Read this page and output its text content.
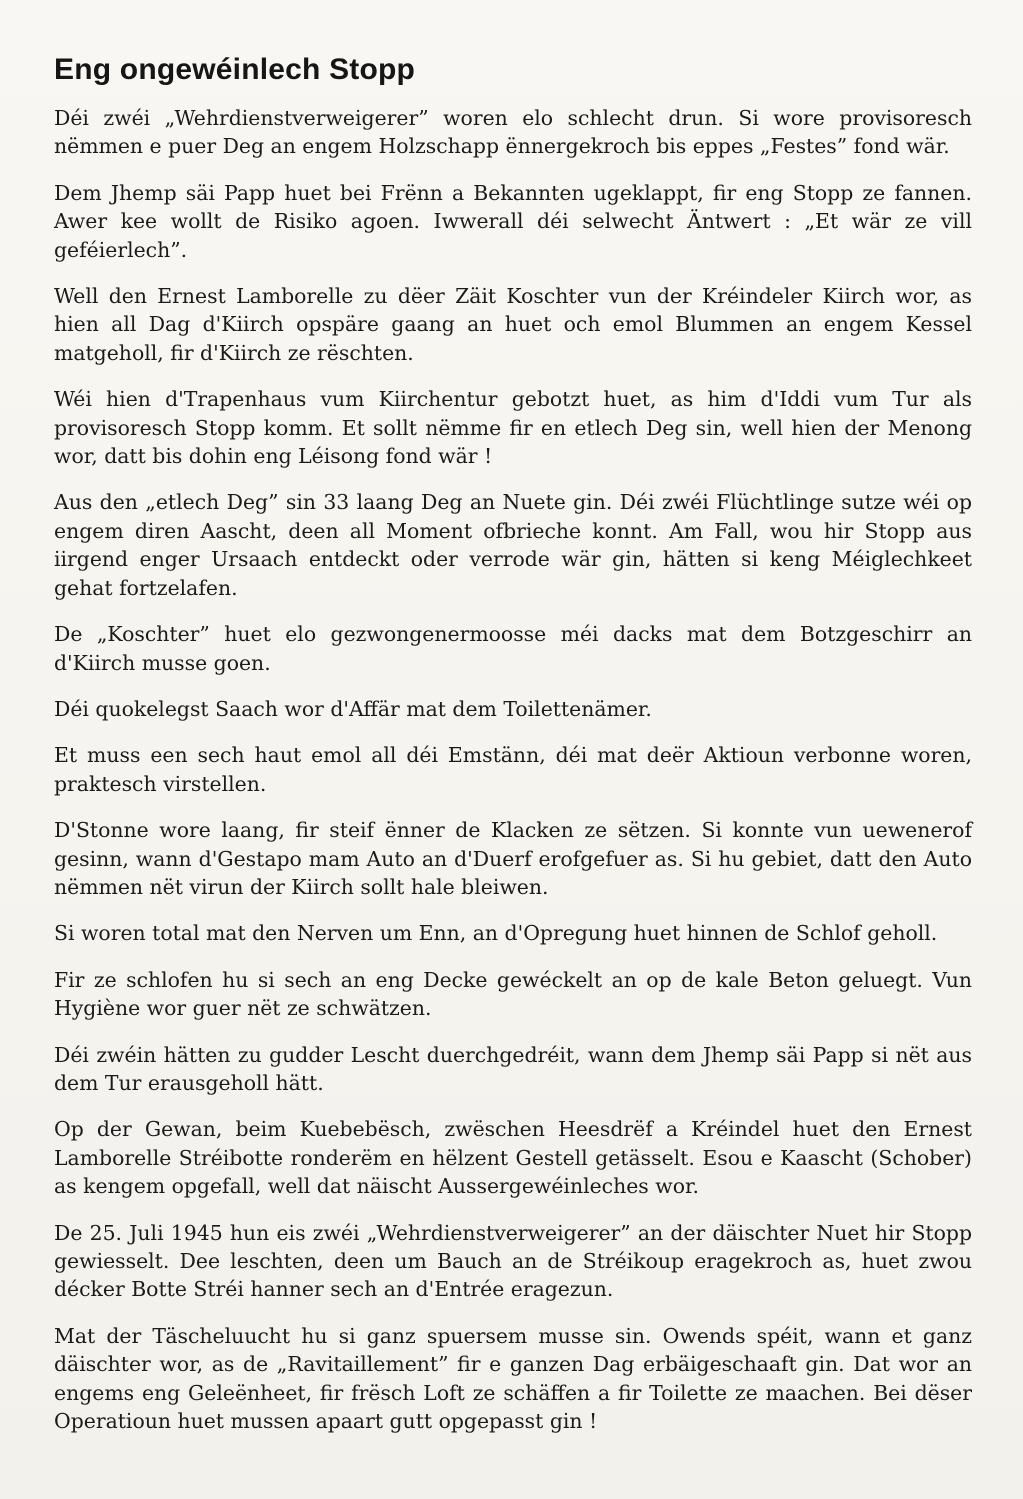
Eng ongewéinlech Stopp

Déi zwéi „Wehrdienstverweigerer” woren elo schlecht drun. Si wore provisoresch nëmmen e puer Deg an engem Holzschapp ënnergekroch bis eppes „Festes” fond wär.

Dem Jhemp säi Papp huet bei Frënn a Bekannten ugeklappt, fir eng Stopp ze fannen. Awer kee wollt de Risiko agoen. Iwwerall déi selwecht Äntwert : „Et wär ze vill geféierlech”.

Well den Ernest Lamborelle zu dëer Zäit Koschter vun der Kréindeler Kiirch wor, as hien all Dag d'Kiirch opspäre gaang an huet och emol Blummen an engem Kessel matgeholl, fir d'Kiirch ze rëschten.

Wéi hien d'Trapenhaus vum Kiirchentur gebotzt huet, as him d'Iddi vum Tur als provisoresch Stopp komm. Et sollt nëmme fir en etlech Deg sin, well hien der Menong wor, datt bis dohin eng Léisong fond wär !

Aus den „etlech Deg” sin 33 laang Deg an Nuete gin. Déi zwéi Flüchtlinge sutze wéi op engem diren Aascht, deen all Moment ofbrieche konnt. Am Fall, wou hir Stopp aus iirgend enger Ursaach entdeckt oder verrode wär gin, hätten si keng Méiglechkeet gehat fortzelafen.

De „Koschter” huet elo gezwongenermoosse méi dacks mat dem Botzgeschirr an d'Kiirch musse goen.

Déi quokelegst Saach wor d'Affär mat dem Toilettenämer.

Et muss een sech haut emol all déi Emstänn, déi mat deër Aktioun verbonne woren, praktesch virstellen.

D'Stonne wore laang, fir steif ënner de Klacken ze sëtzen. Si konnte vun uewenerof gesinn, wann d'Gestapo mam Auto an d'Duerf erofgefuer as. Si hu gebiet, datt den Auto nëmmen nët virun der Kiirch sollt hale bleiwen.

Si woren total mat den Nerven um Enn, an d'Opregung huet hinnen de Schlof geholl.

Fir ze schlofen hu si sech an eng Decke gewéckelt an op de kale Beton geluegt. Vun Hygiène wor guer nët ze schwätzen.

Déi zwéin hätten zu gudder Lescht duerchgedréit, wann dem Jhemp säi Papp si nët aus dem Tur erausgeholl hätt.

Op der Gewan, beim Kuebebësch, zwëschen Heesdrëf a Kréindel huet den Ernest Lamborelle Stréibotte ronderëm en hëlzent Gestell getässelt. Esou e Kaascht (Schober) as kengem opgefall, well dat näischt Aussergewéinleches wor.

De 25. Juli 1945 hun eis zwéi „Wehrdienstverweigerer” an der däischter Nuet hir Stopp gewiesselt. Dee leschten, deen um Bauch an de Stréikoup eragekroch as, huet zwou décker Botte Stréi hanner sech an d'Entrée eragezun.

Mat der Täscheluucht hu si ganz spuersem musse sin. Owends spéit, wann et ganz däischter wor, as de „Ravitaillement” fir e ganzen Dag erbäigeschaaft gin. Dat wor an engems eng Geleënheet, fir frësch Loft ze schäffen a fir Toilette ze maachen. Bei dëser Operatioun huet mussen apaart gutt opgepasst gin !
